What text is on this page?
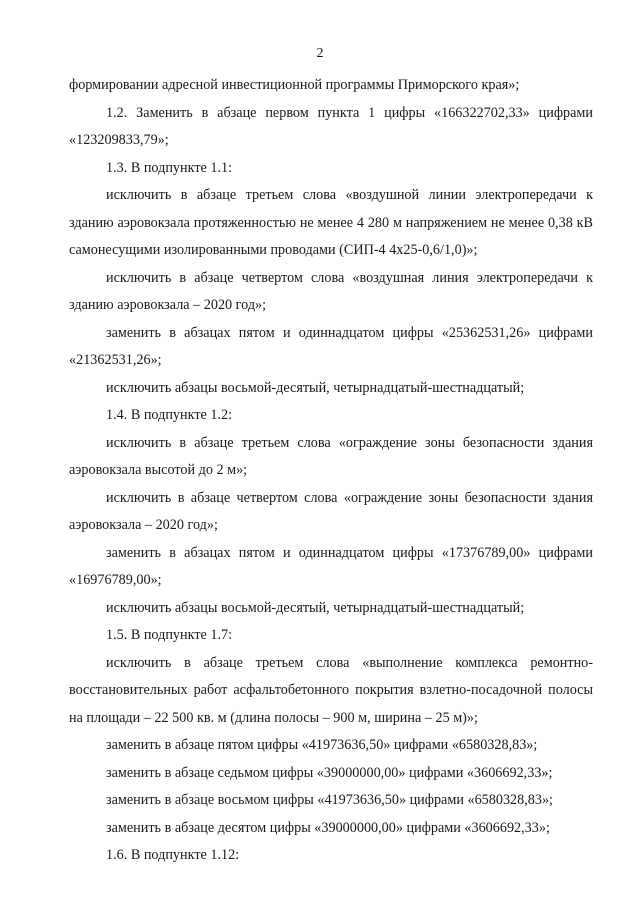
2

формировании адресной инвестиционной программы Приморского края»;

1.2. Заменить в абзаце первом пункта 1 цифры «166322702,33» цифрами «123209833,79»;

1.3. В подпункте 1.1:

исключить в абзаце третьем слова «воздушной линии электропередачи к зданию аэровокзала протяженностью не менее 4 280 м напряжением не менее 0,38 кВ самонесущими изолированными проводами (СИП-4 4х25-0,6/1,0)»;

исключить в абзаце четвертом слова «воздушная линия электропередачи к зданию аэровокзала – 2020 год»;

заменить в абзацах пятом и одиннадцатом цифры «25362531,26» цифрами «21362531,26»;

исключить абзацы восьмой-десятый, четырнадцатый-шестнадцатый;

1.4. В подпункте 1.2:

исключить в абзаце третьем слова «ограждение зоны безопасности здания аэровокзала высотой до 2 м»;

исключить в абзаце четвертом слова «ограждение зоны безопасности здания аэровокзала – 2020 год»;

заменить в абзацах пятом и одиннадцатом цифры «17376789,00» цифрами «16976789,00»;

исключить абзацы восьмой-десятый, четырнадцатый-шестнадцатый;

1.5. В подпункте 1.7:

исключить в абзаце третьем слова «выполнение комплекса ремонтно-восстановительных работ асфальтобетонного покрытия взлетно-посадочной полосы на площади – 22 500 кв. м (длина полосы – 900 м, ширина – 25 м)»;

заменить в абзаце пятом цифры «41973636,50» цифрами «6580328,83»;

заменить в абзаце седьмом цифры «39000000,00» цифрами «3606692,33»;

заменить в абзаце восьмом цифры «41973636,50» цифрами «6580328,83»;

заменить в абзаце десятом цифры «39000000,00» цифрами «3606692,33»;

1.6. В подпункте 1.12:
